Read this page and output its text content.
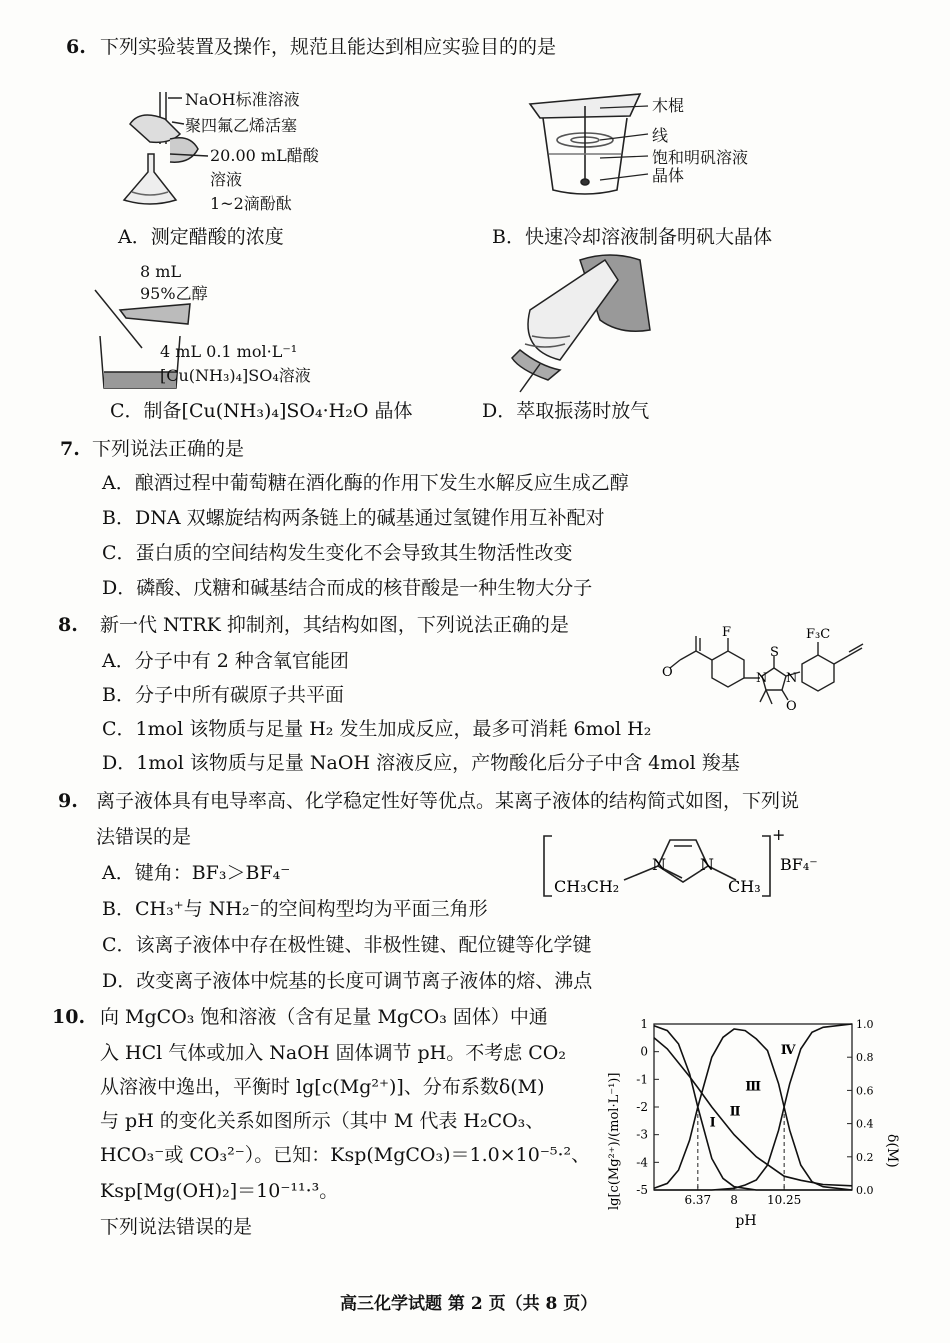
6. 下列实验装置及操作，规范且能达到相应实验目的的是
NaOH标准溶液
聚四氟乙烯活塞
20.00 mL醋酸
溶液
1~2滴酚酞
A．测定醋酸的浓度
木棍
线
饱和明矾溶液
晶体
B．快速冷却溶液制备明矾大晶体
8 mL
95%乙醇
4 mL 0.1 mol·L⁻¹
[Cu(NH₃)₄]SO₄溶液
C．制备[Cu(NH₃)₄]SO₄·H₂O 晶体	D．萃取振荡时放气
7. 下列说法正确的是
A．酿酒过程中葡萄糖在酒化酶的作用下发生水解反应生成乙醇
B．DNA 双螺旋结构两条链上的碱基通过氢键作用互补配对
C．蛋白质的空间结构发生变化不会导致其生物活性改变
D．磷酸、戊糖和碱基结合而成的核苷酸是一种生物大分子
8. 新一代 NTRK 抑制剂，其结构如图，下列说法正确的是
A．分子中有 2 种含氧官能团
B．分子中所有碳原子共平面
C．1mol 该物质与足量 H₂ 发生加成反应，最多可消耗 6mol H₂
D．1mol 该物质与足量 NaOH 溶液反应，产物酸化后分子中含 4mol 羧基
F	F₃C
N N
S
O
O
9. 离子液体具有电导率高、化学稳定性好等优点。某离子液体的结构简式如图，下列说
法错误的是
A．键角：BF₃＞BF₄⁻
B．CH₃⁺与 NH₂⁻的空间构型均为平面三角形
C．该离子液体中存在极性键、非极性键、配位键等化学键
D．改变离子液体中烷基的长度可调节离子液体的熔、沸点
N N
CH₃CH₂	CH₃
+
BF₄⁻
10. 向 MgCO₃ 饱和溶液（含有足量 MgCO₃ 固体）中通
入 HCl 气体或加入 NaOH 固体调节 pH。不考虑 CO₂
从溶液中逸出，平衡时 lg[c(Mg²⁺)]、分布系数δ(M)
与 pH 的变化关系如图所示（其中 M 代表 H₂CO₃、
HCO₃⁻或 CO₃²⁻）。已知：Ksp(MgCO₃)＝1.0×10⁻⁵·²、
Ksp[Mg(OH)₂]＝10⁻¹¹·³。
下列说法错误的是
1
0
-1
-2
-3
-4
-5
1.0
0.8
0.6
0.4
0.2
0.0
6.37 8 10.25
Ⅰ
Ⅱ
Ⅲ
Ⅳ
lg[c(Mg²⁺)/(mol·L⁻¹)]	δ(M)
pH
高三化学试题 第 2 页（共 8 页）
